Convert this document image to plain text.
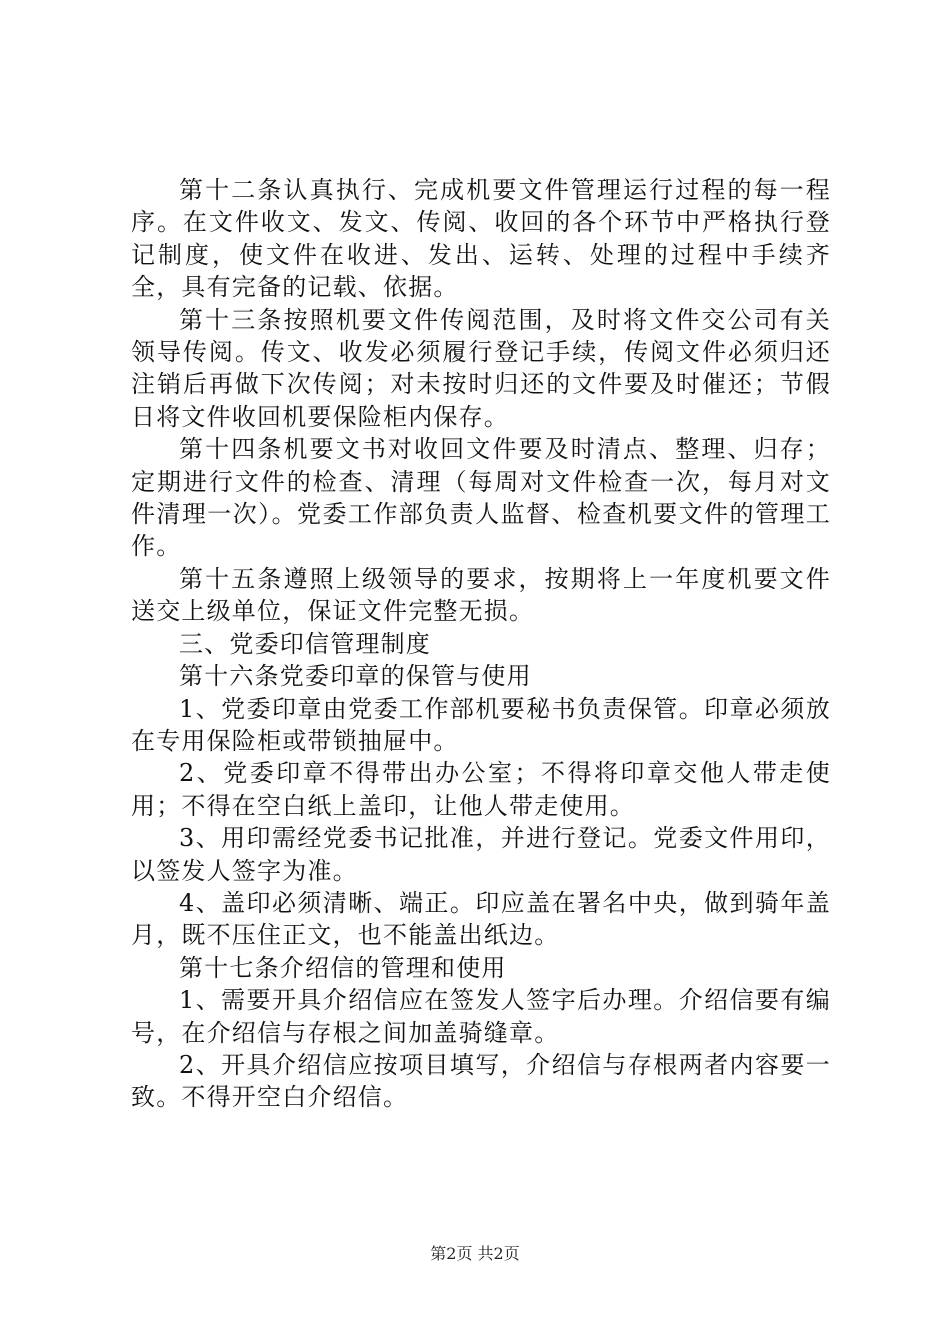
第十二条认真执行、完成机要文件管理运行过程的每一程序。在文件收文、发文、传阅、收回的各个环节中严格执行登记制度，使文件在收进、发出、运转、处理的过程中手续齐全，具有完备的记载、依据。

第十三条按照机要文件传阅范围，及时将文件交公司有关领导传阅。传文、收发必须履行登记手续，传阅文件必须归还注销后再做下次传阅；对未按时归还的文件要及时催还；节假日将文件收回机要保险柜内保存。

第十四条机要文书对收回文件要及时清点、整理、归存；定期进行文件的检查、清理（每周对文件检查一次，每月对文件清理一次）。党委工作部负责人监督、检查机要文件的管理工作。

第十五条遵照上级领导的要求，按期将上一年度机要文件送交上级单位，保证文件完整无损。

三、党委印信管理制度

第十六条党委印章的保管与使用

1、党委印章由党委工作部机要秘书负责保管。印章必须放在专用保险柜或带锁抽屉中。

2、党委印章不得带出办公室；不得将印章交他人带走使用；不得在空白纸上盖印，让他人带走使用。

3、用印需经党委书记批准，并进行登记。党委文件用印，以签发人签字为准。

4、盖印必须清晰、端正。印应盖在署名中央，做到骑年盖月，既不压住正文，也不能盖出纸边。

第十七条介绍信的管理和使用

1、需要开具介绍信应在签发人签字后办理。介绍信要有编号，在介绍信与存根之间加盖骑缝章。

2、开具介绍信应按项目填写，介绍信与存根两者内容要一致。不得开空白介绍信。

第2页 共2页
